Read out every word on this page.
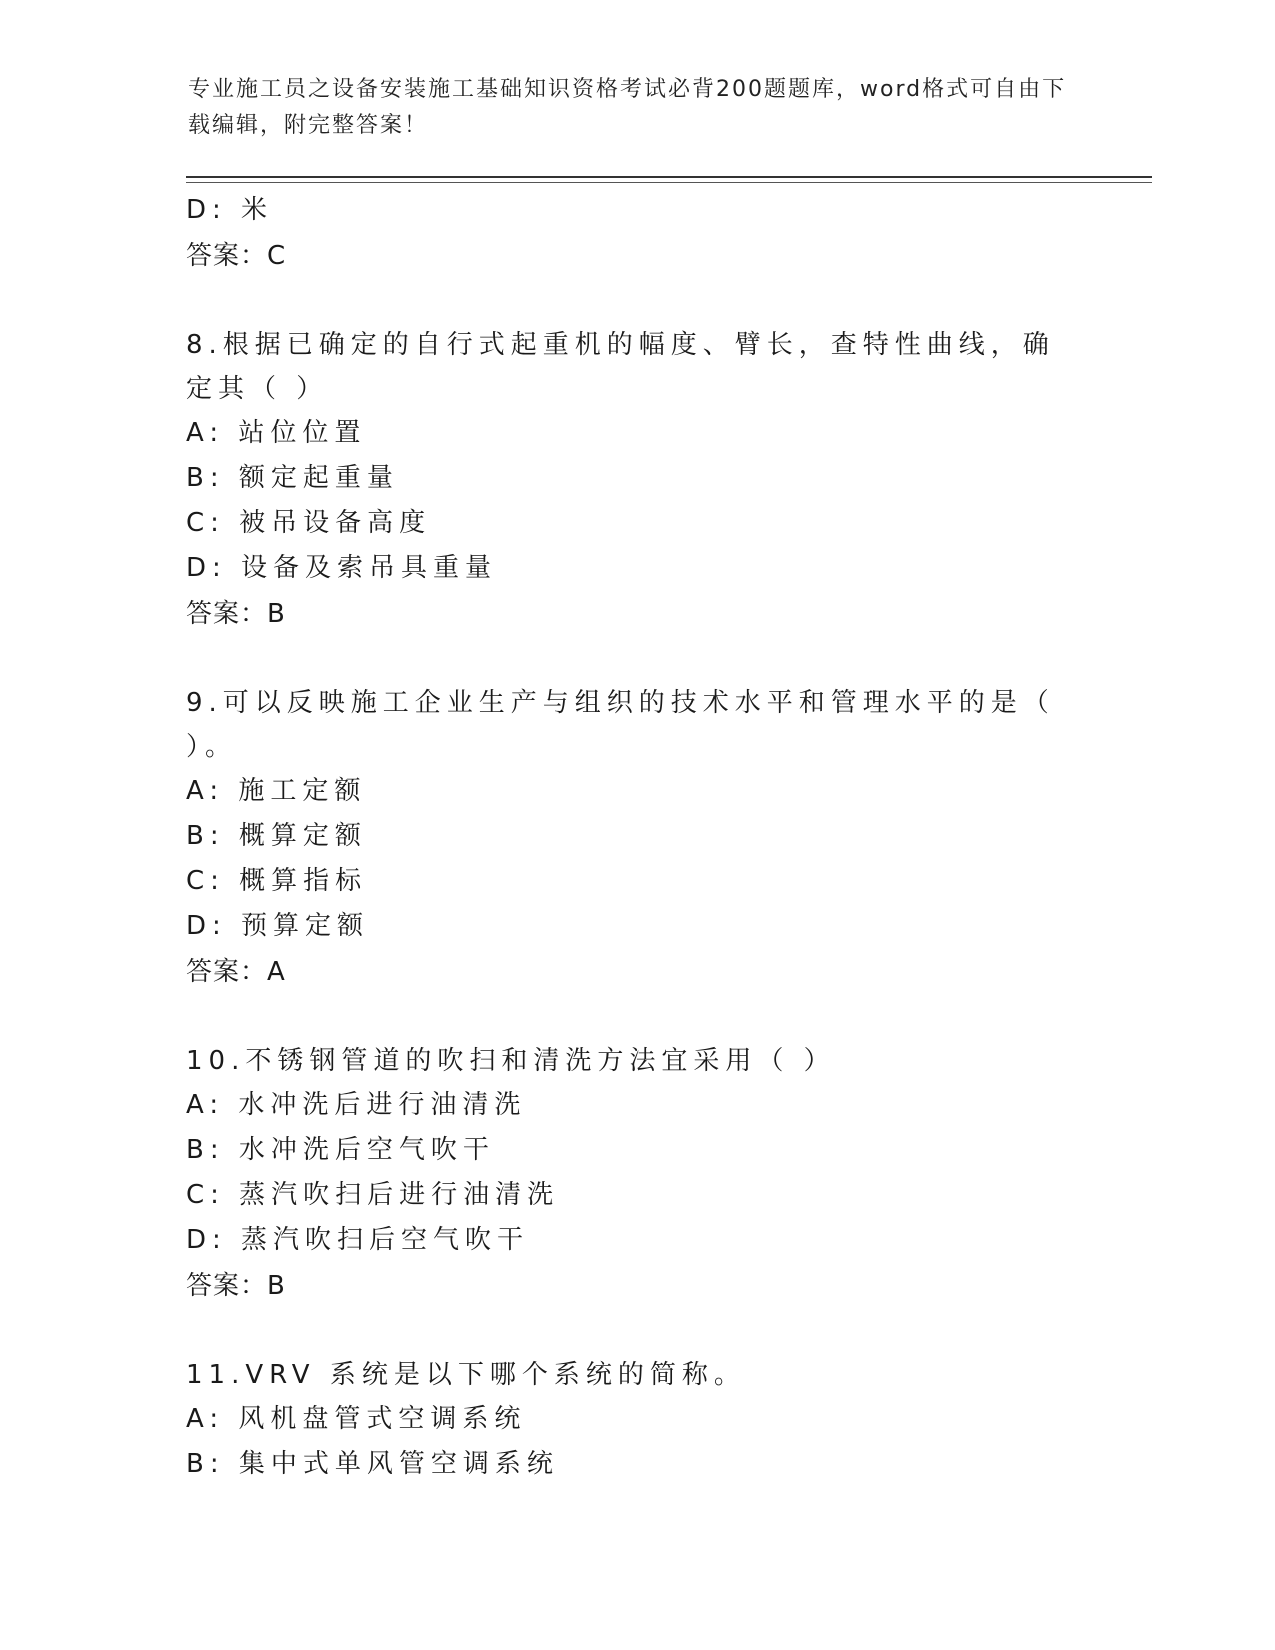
专业施工员之设备安装施工基础知识资格考试必背200题题库，word格式可自由下载编辑，附完整答案！
D: 米
答案：C
8.根据已确定的自行式起重机的幅度、臂长，查特性曲线，确定其（ ）
A: 站位位置
B: 额定起重量
C: 被吊设备高度
D: 设备及索吊具重量
答案：B
9.可以反映施工企业生产与组织的技术水平和管理水平的是（ ）。
A: 施工定额
B: 概算定额
C: 概算指标
D: 预算定额
答案：A
10.不锈钢管道的吹扫和清洗方法宜采用（ ）
A: 水冲洗后进行油清洗
B: 水冲洗后空气吹干
C: 蒸汽吹扫后进行油清洗
D: 蒸汽吹扫后空气吹干
答案：B
11.VRV 系统是以下哪个系统的简称。
A: 风机盘管式空调系统
B: 集中式单风管空调系统
